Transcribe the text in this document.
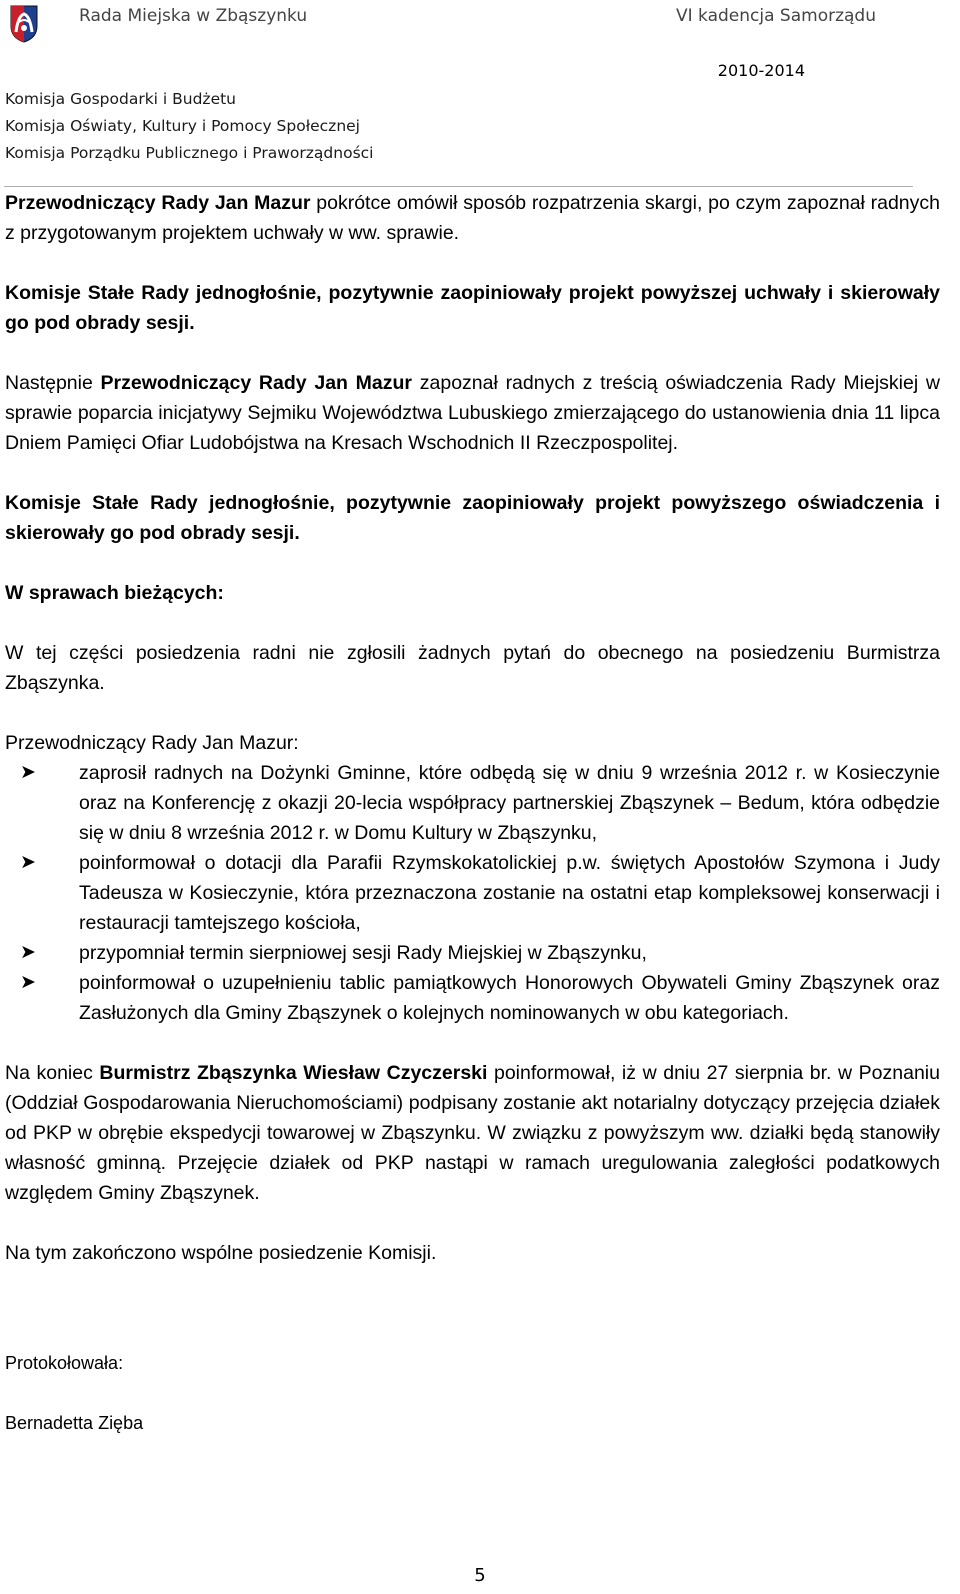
Rada Miejska w Zbąszynku	VI kadencja Samorządu
2010-2014
Komisja Gospodarki i Budżetu
Komisja Oświaty, Kultury i Pomocy Społecznej
Komisja Porządku Publicznego i Praworządności

Przewodniczący Rady Jan Mazur pokrótce omówił sposób rozpatrzenia skargi, po czym zapoznał radnych z przygotowanym projektem uchwały w ww. sprawie.

Komisje Stałe Rady jednogłośnie, pozytywnie zaopiniowały projekt powyższej uchwały i skierowały go pod obrady sesji.

Następnie Przewodniczący Rady Jan Mazur zapoznał radnych z treścią oświadczenia Rady Miejskiej w sprawie poparcia inicjatywy Sejmiku Województwa Lubuskiego zmierzającego do ustanowienia dnia 11 lipca Dniem Pamięci Ofiar Ludobójstwa na Kresach Wschodnich II Rzeczpospolitej.

Komisje Stałe Rady jednogłośnie, pozytywnie zaopiniowały projekt powyższego oświadczenia i skierowały go pod obrady sesji.

W sprawach bieżących:

W tej części posiedzenia radni nie zgłosili żadnych pytań do obecnego na posiedzeniu Burmistrza Zbąszynka.

Przewodniczący Rady Jan Mazur:

➤ zaprosił radnych na Dożynki Gminne, które odbędą się w dniu 9 września 2012 r. w Kosieczynie oraz na Konferencję z okazji 20-lecia współpracy partnerskiej Zbąszynek – Bedum, która odbędzie się w dniu 8 września 2012 r. w Domu Kultury w Zbąszynku,
➤ poinformował o dotacji dla Parafii Rzymskokatolickiej p.w. świętych Apostołów Szymona i Judy Tadeusza w Kosieczynie, która przeznaczona zostanie na ostatni etap kompleksowej konserwacji i restauracji tamtejszego kościoła,
➤ przypomniał termin sierpniowej sesji Rady Miejskiej w Zbąszynku,
➤ poinformował o uzupełnieniu tablic pamiątkowych Honorowych Obywateli Gminy Zbąszynek oraz Zasłużonych dla Gminy Zbąszynek o kolejnych nominowanych w obu kategoriach.

Na koniec Burmistrz Zbąszynka Wiesław Czyczerski poinformował, iż w dniu 27 sierpnia br. w Poznaniu (Oddział Gospodarowania Nieruchomościami) podpisany zostanie akt notarialny dotyczący przejęcia działek od PKP w obrębie ekspedycji towarowej w Zbąszynku. W związku z powyższym ww. działki będą stanowiły własność gminną. Przejęcie działek od PKP nastąpi w ramach uregulowania zaległości podatkowych względem Gminy Zbąszynek.

Na tym zakończono wspólne posiedzenie Komisji.

Protokołowała:

Bernadetta Zięba

5
